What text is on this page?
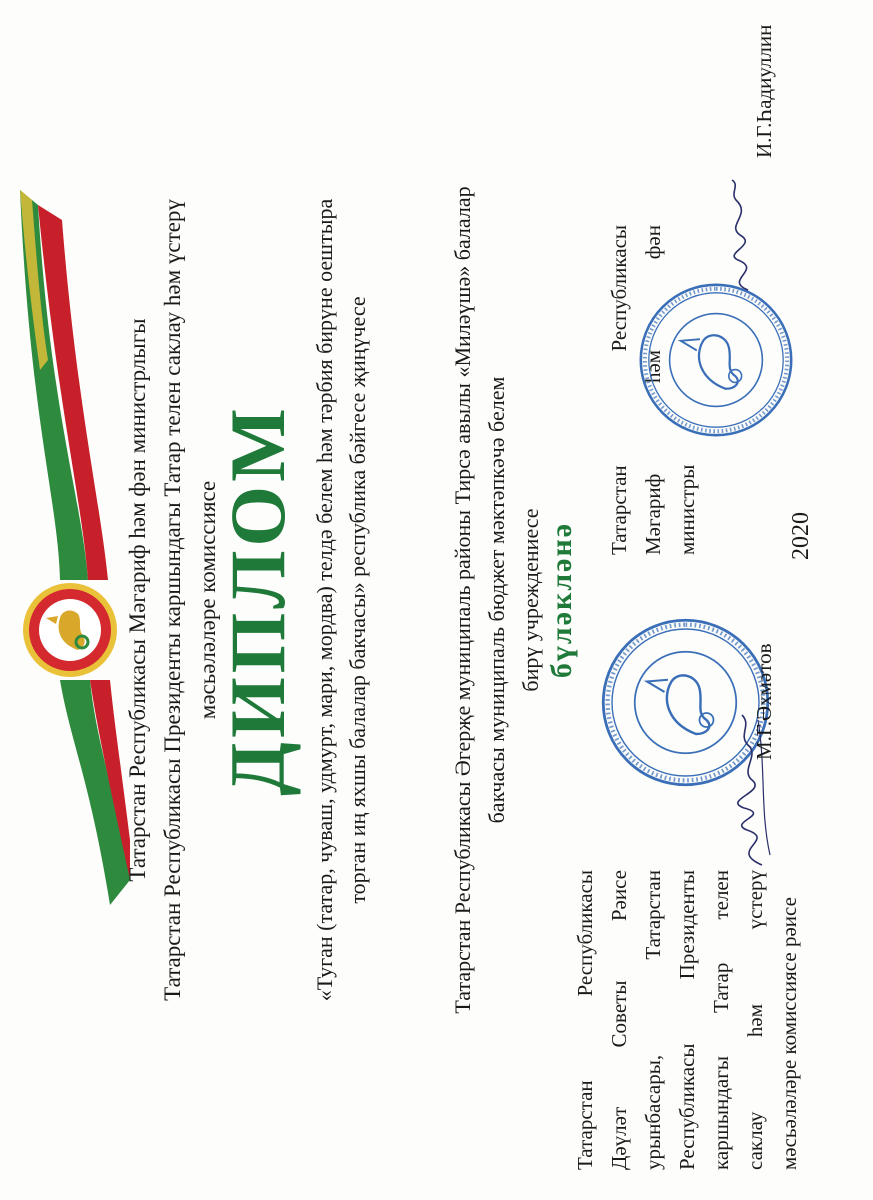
Татарстан Республикасы Мәгариф һәм фән министрлыгы Татарстан Республикасы Президенты каршындагы Татар телен саклау һәм үстерү мәсьәләләре комиссиясе
ДИПЛОМ «Туган (татар, чуваш, удмурт, мари, мордва) телдә белем һәм тәрбия бирүне оештыра торган иң яхшы балалар бакчасы» республика бәйгесе җиңүчесе	Татарстан Республикасы Әгерҗе муниципаль районы Тирсә авылы «Миләүшә» балалар бакчасы муниципаль бюджет мәктәпкәчә белем бирү учреждениесе бүләкләнә
Татарстан
Республикасы
Дәүләт
Советы
Рәисе
урынбасары,
Татарстан
Республикасы
Президенты
каршындагы
Татар
телен
саклау
һәм
үстерү мәсьәләләре комиссиясе рәисе
М.Г.Әхмәтов
2020
Татарстан
Республикасы
Мәгариф
һәм
фән
министры
И.Г.Һадиуллин
